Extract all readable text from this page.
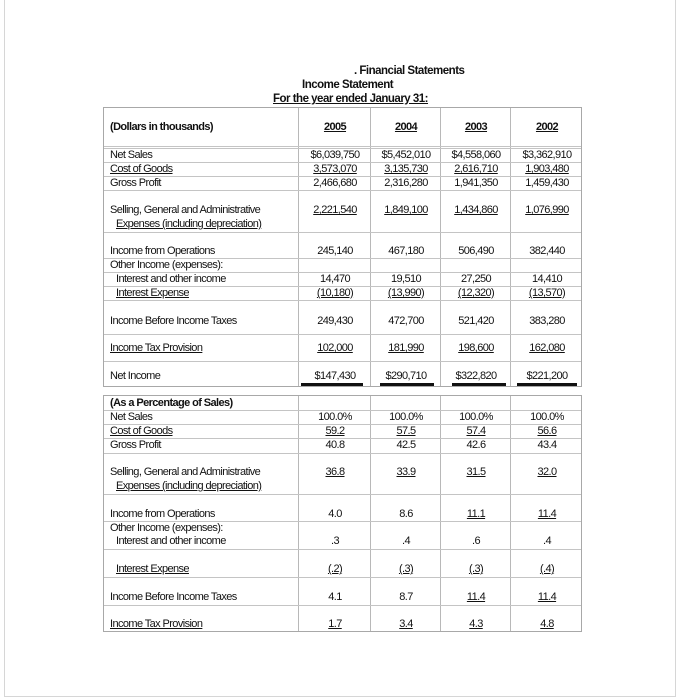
. Financial Statements
Income Statement
For the year ended January 31:
(Dollars in thousands)	2005	2004	2003	2002
Net Sales	$6,039,750	$5,452,010	$4,558,060	$3,362,910
Cost of Goods	3,573,070	3,135,730	2,616,710	1,903,480
Gross Profit	2,466,680	2,316,280	1,941,350	1,459,430
Selling, General and Administrative
Expenses (including depreciation)
2,221,540	1,849,100	1,434,860	1,076,990
Income from Operations	245,140	467,180	506,490	382,440
Other Income (expenses):
Interest and other income	14,470	19,510	27,250	14,410
Interest Expense	(10,180)	(13,990)	(12,320)	(13,570)
Income Before Income Taxes	249,430	472,700	521,420	383,280
Income Tax Provision	102,000	181,990	198,600	162,080
Net Income	$147,430	$290,710	$322,820	$221,200
(As a Percentage of Sales)
Net Sales	100.0%	100.0%	100.0%	100.0%
Cost of Goods	59.2	57.5	57.4	56.6
Gross Profit	40.8	42.5	42.6	43.4
Selling, General and Administrative
Expenses (including depreciation)
36.8	33.9	31.5	32.0
Income from Operations	4.0	8.6	11.1	11.4
Other Income (expenses):
Interest and other income	.3	.4	.6	.4
Interest Expense	(.2)	(.3)	(.3)	(.4)
Income Before Income Taxes	4.1	8.7	11.4	11.4
Income Tax Provision	1.7	3.4	4.3	4.8
